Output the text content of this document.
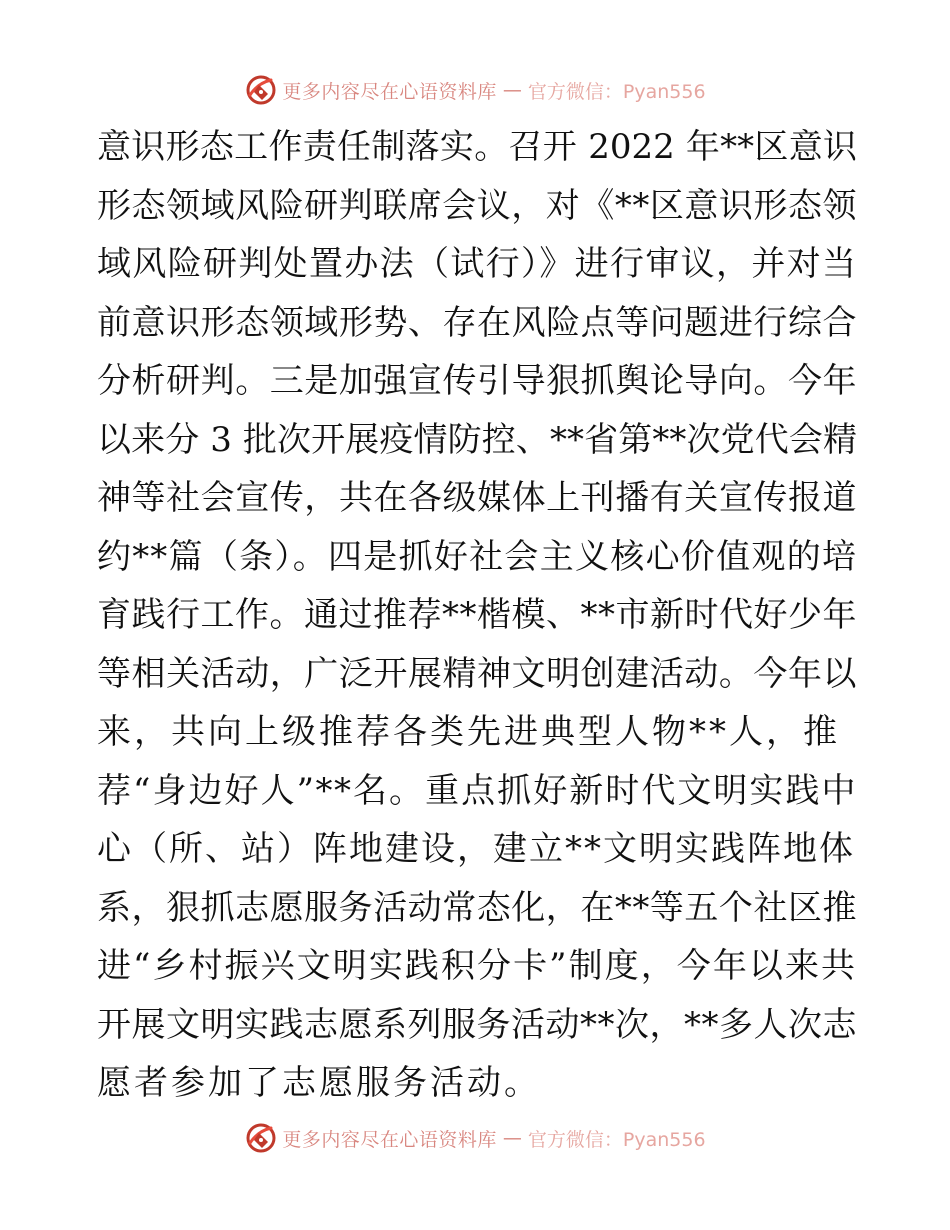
更多内容尽在心语资料库 — 官方微信：Pyan556
意识形态工作责任制落实。召开 2022 年**区意识
形态领域风险研判联席会议，对《**区意识形态领
域风险研判处置办法（试行）》进行审议，并对当
前意识形态领域形势、存在风险点等问题进行综合
分析研判。三是加强宣传引导狠抓舆论导向。今年
以来分 3 批次开展疫情防控、**省第**次党代会精
神等社会宣传，共在各级媒体上刊播有关宣传报道
约**篇（条）。四是抓好社会主义核心价值观的培
育践行工作。通过推荐**楷模、**市新时代好少年
等相关活动，广泛开展精神文明创建活动。今年以
来，共向上级推荐各类先进典型人物**人，推
荐“身边好人”**名。重点抓好新时代文明实践中
心（所、站）阵地建设，建立**文明实践阵地体
系，狠抓志愿服务活动常态化，在**等五个社区推
进“乡村振兴文明实践积分卡”制度，今年以来共
开展文明实践志愿系列服务活动**次，**多人次志
愿者参加了志愿服务活动。
更多内容尽在心语资料库 — 官方微信：Pyan556
